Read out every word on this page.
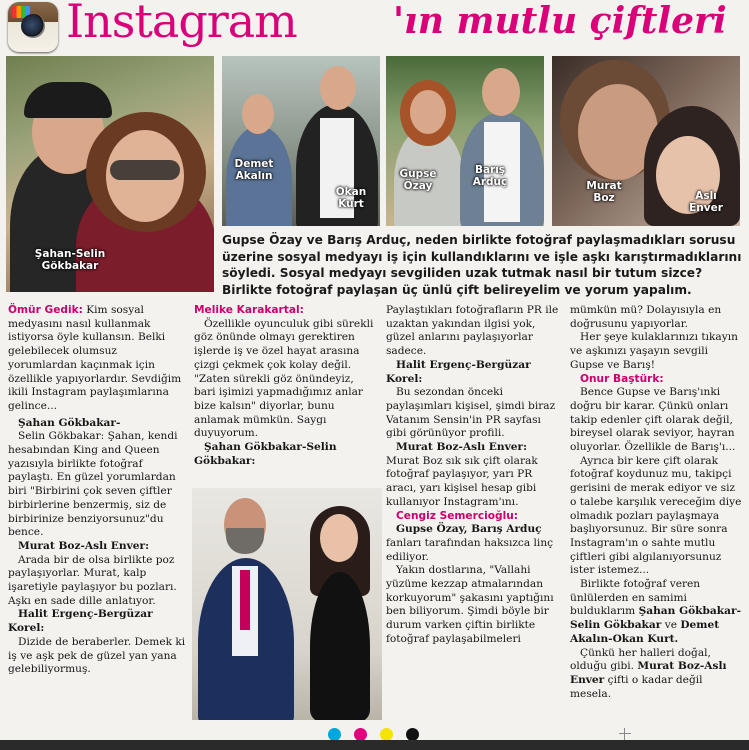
Instagram	'ın mutlu çiftleri
Şahan-Selin
Gökbakar
Demet
Akalın
Okan
Kurt
Gupse
Özay
Barış
Arduç	Murat
Boz	Aslı
Enver
Gupse Özay ve Barış Arduç, neden birlikte fotoğraf paylaşmadıkları sorusu üzerine sosyal medyayı iş için kullandıklarını ve işle aşkı karıştırmadıklarını söyledi. Sosyal medyayı sevgiliden uzak tutmak nasıl bir tutum sizce? Birlikte fotoğraf paylaşan üç ünlü çift belireyelim ve yorum yapalım.

Ömür Gedik: Kim sosyal medyasını nasıl kullanmak istiyorsa öyle kullansın. Belki gelebilecek olumsuz yorumlardan kaçınmak için özellikle yapıyorlardır. Sevdiğim ikili Instagram paylaşımlarına gelince...

Şahan Gökbakar-

Selin Gökbakar: Şahan, kendi hesabından King and Queen yazısıyla birlikte fotoğraf paylaştı. En güzel yorumlardan biri "Birbirini çok seven çiftler birbirlerine benzermiş, siz de birbirinize benziyorsunuz"du bence.

Murat Boz-Aslı Enver:

Arada bir de olsa birlikte poz paylaşıyorlar. Murat, kalp işaretiyle paylaşıyor bu pozları. Aşkı en sade dille anlatıyor.

Halit Ergenç-Bergüzar Korel:

Dizide de beraberler. Demek ki iş ve aşk pek de güzel yan yana gelebiliyormuş.

Melike Karakartal:

Özellikle oyunculuk gibi sürekli göz önünde olmayı gerektiren işlerde iş ve özel hayat arasına çizgi çekmek çok kolay değil. "Zaten sürekli göz önündeyiz, bari işimizi yapmadığımız anlar bize kalsın" diyorlar, bunu anlamak mümkün. Saygı duyuyorum.

Şahan Gökbakar-Selin Gökbakar:

Paylaştıkları fotoğrafların PR ile uzaktan yakından ilgisi yok, güzel anlarını paylaşıyorlar sadece.

Halit Ergenç-Bergüzar Korel:

Bu sezondan önceki paylaşımları kişisel, şimdi biraz Vatanım Sensin'in PR sayfası gibi görünüyor profili.

Murat Boz-Aslı Enver:

Murat Boz sık sık çift olarak fotoğraf paylaşıyor, yarı PR aracı, yarı kişisel hesap gibi kullanıyor Instagram'ını.

Cengiz Semercioğlu:

Gupse Özay, Barış Arduç fanları tarafından haksızca linç ediliyor.

Yakın dostlarına, "Vallahi yüzüme kezzap atmalarından korkuyorum" şakasını yaptığını ben biliyorum. Şimdi böyle bir durum varken çiftin birlikte fotoğraf paylaşabilmeleri

mümkün mü? Dolayısıyla en doğrusunu yapıyorlar.

Her şeye kulaklarınızı tıkayın ve aşkınızı yaşayın sevgili Gupse ve Barış!

Onur Baştürk:

Bence Gupse ve Barış'ınki doğru bir karar. Çünkü onları takip edenler çift olarak değil, bireysel olarak seviyor, hayran oluyorlar. Özellikle de Barış'ı...

Ayrıca bir kere çift olarak fotoğraf koydunuz mu, takipçi gerisini de merak ediyor ve siz o talebe karşılık vereceğim diye olmadık pozları paylaşmaya başlıyorsunuz. Bir süre sonra Instagram'ın o sahte mutlu çiftleri gibi algılanıyorsunuz ister istemez...

Birlikte fotoğraf veren ünlülerden en samimi bulduklarım Şahan Gökbakar-Selin Gökbakar ve Demet Akalın-Okan Kurt.

Çünkü her halleri doğal, olduğu gibi. Murat Boz-Aslı Enver çifti o kadar değil mesela.
